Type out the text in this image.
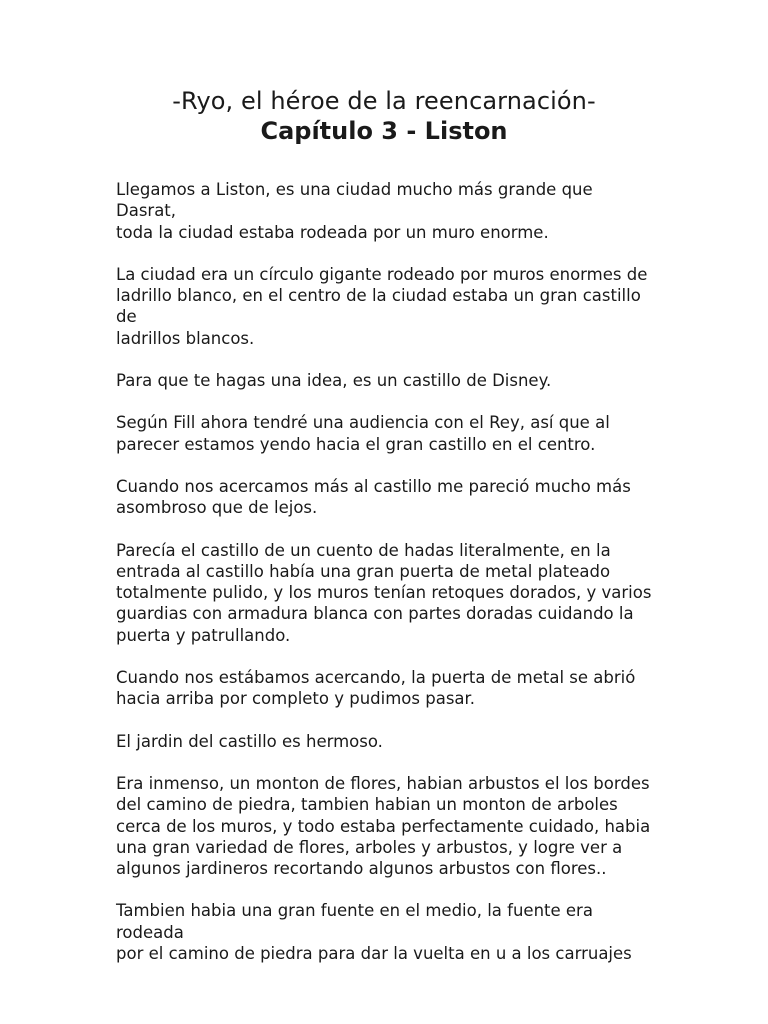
-Ryo, el héroe de la reencarnación-
Capítulo 3 - Liston

Llegamos a Liston, es una ciudad mucho más grande que Dasrat,
toda la ciudad estaba rodeada por un muro enorme.

La ciudad era un círculo gigante rodeado por muros enormes de
ladrillo blanco, en el centro de la ciudad estaba un gran castillo de
ladrillos blancos.

Para que te hagas una idea, es un castillo de Disney.

Según Fill ahora tendré una audiencia con el Rey, así que al
parecer estamos yendo hacia el gran castillo en el centro.

Cuando nos acercamos más al castillo me pareció mucho más
asombroso que de lejos.

Parecía el castillo de un cuento de hadas literalmente, en la
entrada al castillo había una gran puerta de metal plateado
totalmente pulido, y los muros tenían retoques dorados, y varios
guardias con armadura blanca con partes doradas cuidando la
puerta y patrullando.

Cuando nos estábamos acercando, la puerta de metal se abrió
hacia arriba por completo y pudimos pasar.

El jardin del castillo es hermoso.

Era inmenso, un monton de flores, habian arbustos el los bordes
del camino de piedra, tambien habian un monton de arboles
cerca de los muros, y todo estaba perfectamente cuidado, habia
una gran variedad de flores, arboles y arbustos, y logre ver a
algunos jardineros recortando algunos arbustos con flores..

Tambien habia una gran fuente en el medio, la fuente era rodeada
por el camino de piedra para dar la vuelta en u a los carruajes
